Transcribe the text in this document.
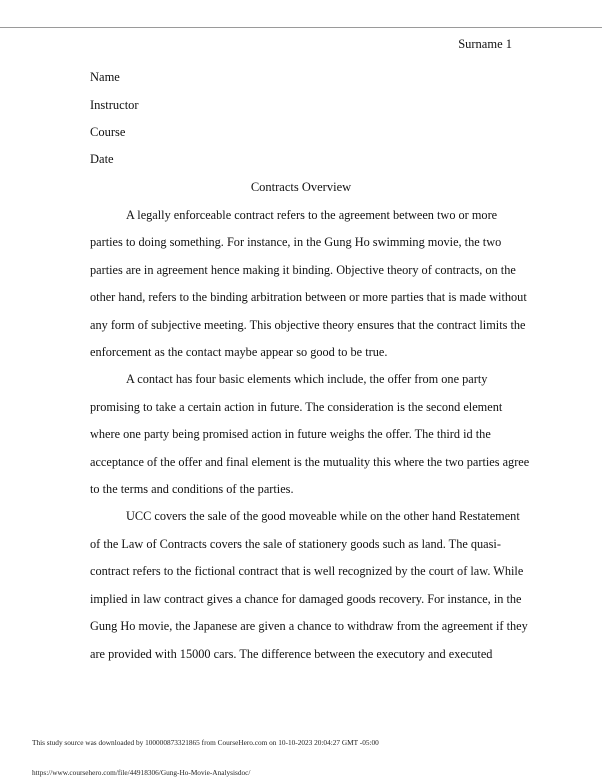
Surname 1
Name
Instructor
Course
Date
Contracts Overview

A legally enforceable contract refers to the agreement between two or more
parties to doing something. For instance, in the Gung Ho swimming movie, the two
parties are in agreement hence making it binding. Objective theory of contracts, on the
other hand, refers to the binding arbitration between or more parties that is made without
any form of subjective meeting. This objective theory ensures that the contract limits the
enforcement as the contact maybe appear so good to be true.

A contact has four basic elements which include, the offer from one party
promising to take a certain action in future. The consideration is the second element
where one party being promised action in future weighs the offer. The third id the
acceptance of the offer and final element is the mutuality this where the two parties agree
to the terms and conditions of the parties.

UCC covers the sale of the good moveable while on the other hand Restatement
of the Law of Contracts covers the sale of stationery goods such as land. The quasi-
contract refers to the fictional contract that is well recognized by the court of law. While
implied in law contract gives a chance for damaged goods recovery. For instance, in the
Gung Ho movie, the Japanese are given a chance to withdraw from the agreement if they
are provided with 15000 cars. The difference between the executory and executed

This study source was downloaded by 100000873321865 from CourseHero.com on 10-10-2023 20:04:27 GMT -05:00
https://www.coursehero.com/file/44918306/Gung-Ho-Movie-Analysisdoc/
